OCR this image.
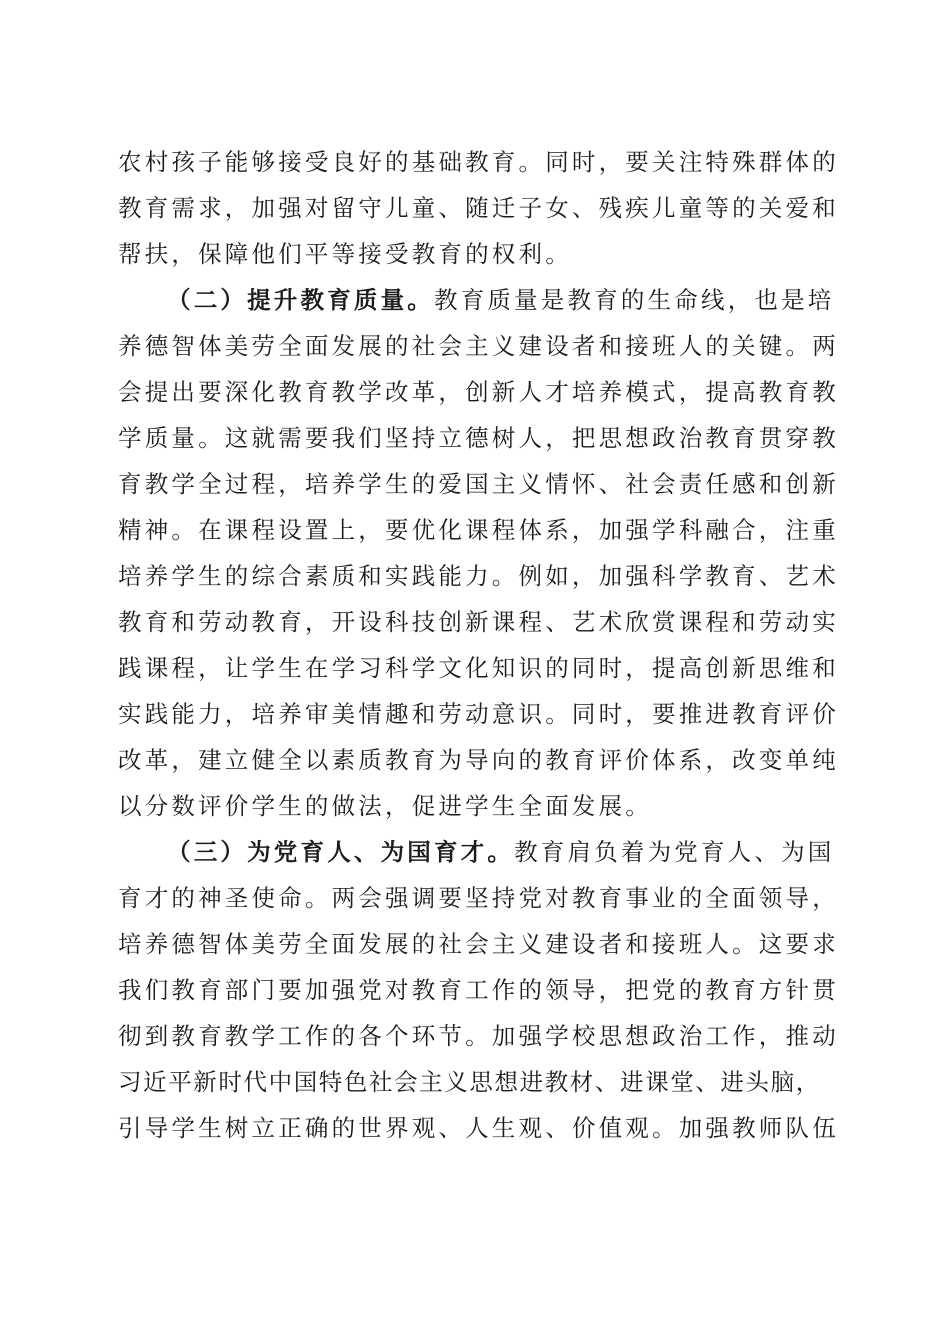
农村孩子能够接受良好的基础教育。同时，要关注特殊群体的
教育需求，加强对留守儿童、随迁子女、残疾儿童等的关爱和
帮扶，保障他们平等接受教育的权利。
（二）提升教育质量。教育质量是教育的生命线，也是培
养德智体美劳全面发展的社会主义建设者和接班人的关键。两
会提出要深化教育教学改革，创新人才培养模式，提高教育教
学质量。这就需要我们坚持立德树人，把思想政治教育贯穿教
育教学全过程，培养学生的爱国主义情怀、社会责任感和创新
精神。在课程设置上，要优化课程体系，加强学科融合，注重
培养学生的综合素质和实践能力。例如，加强科学教育、艺术
教育和劳动教育，开设科技创新课程、艺术欣赏课程和劳动实
践课程，让学生在学习科学文化知识的同时，提高创新思维和
实践能力，培养审美情趣和劳动意识。同时，要推进教育评价
改革，建立健全以素质教育为导向的教育评价体系，改变单纯
以分数评价学生的做法，促进学生全面发展。
（三）为党育人、为国育才。教育肩负着为党育人、为国
育才的神圣使命。两会强调要坚持党对教育事业的全面领导，
培养德智体美劳全面发展的社会主义建设者和接班人。这要求
我们教育部门要加强党对教育工作的领导，把党的教育方针贯
彻到教育教学工作的各个环节。加强学校思想政治工作，推动
习近平新时代中国特色社会主义思想进教材、进课堂、进头脑，
引导学生树立正确的世界观、人生观、价值观。加强教师队伍
